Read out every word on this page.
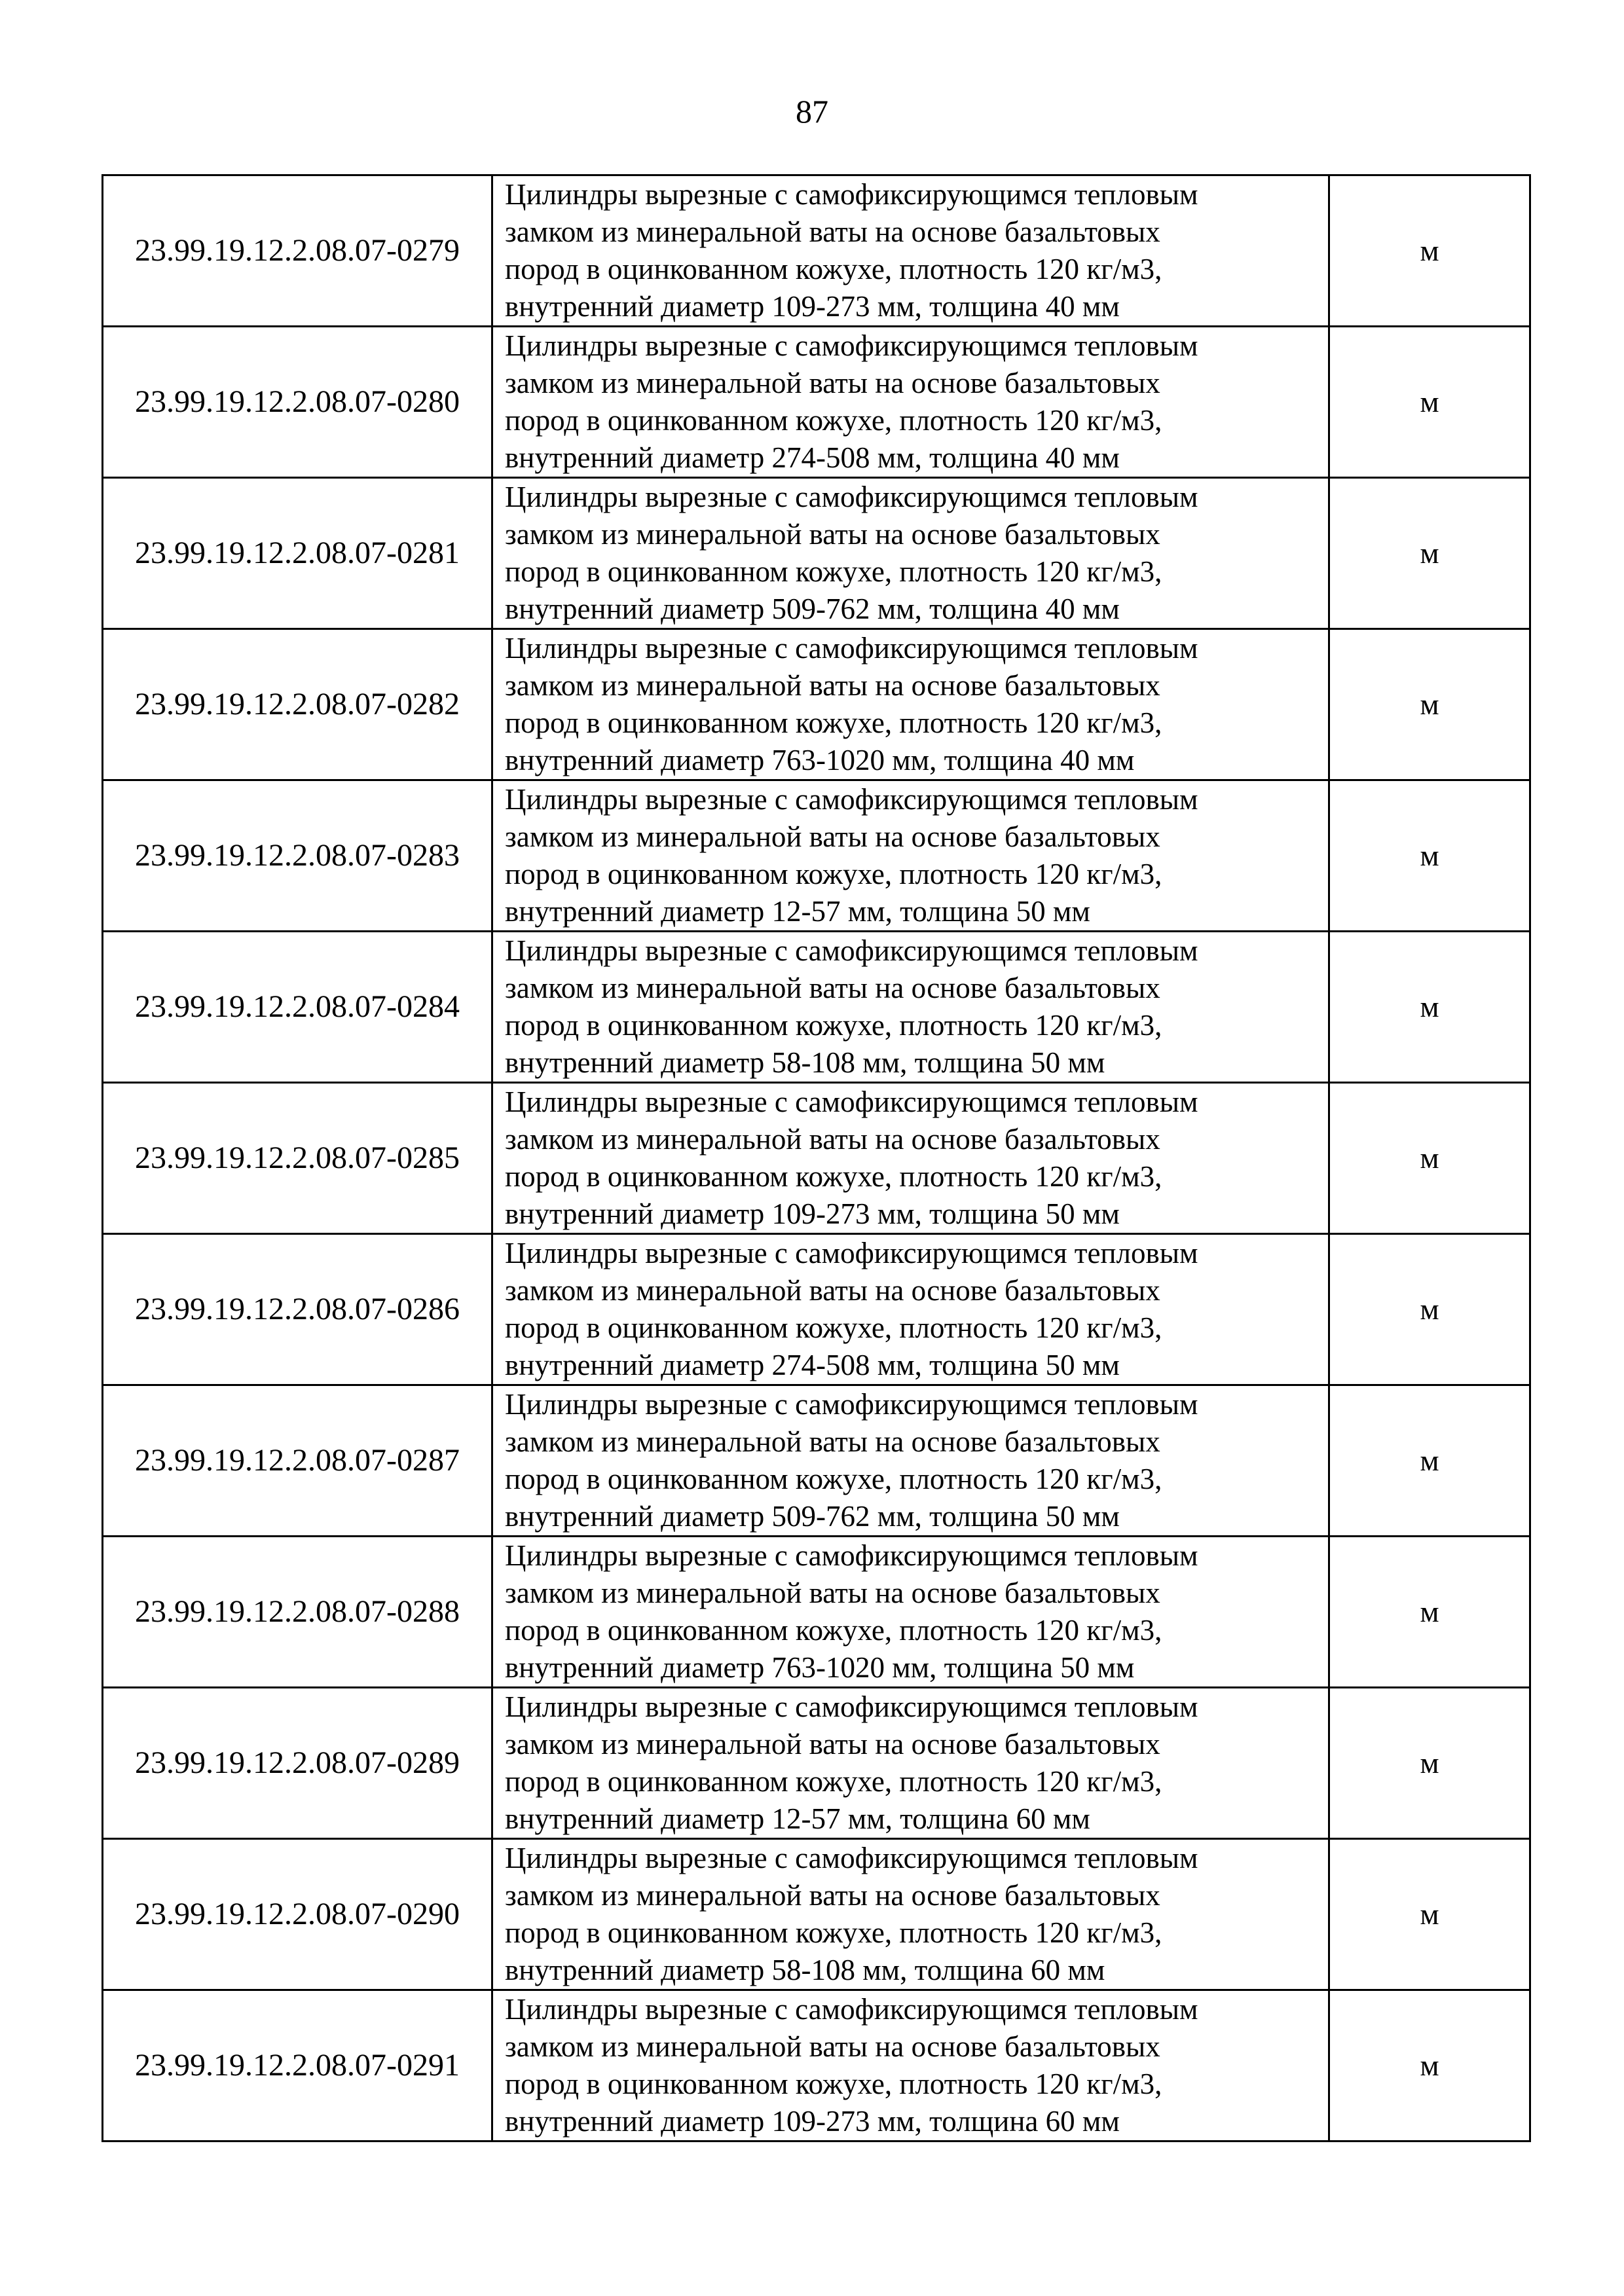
87
23.99.19.12.2.08.07-0279	Цилиндры вырезные с самофиксирующимся тепловым
замком из минеральной ваты на основе базальтовых
пород в оцинкованном кожухе, плотность 120 кг/м3,
внутренний диаметр 109-273 мм, толщина 40 мм	м
23.99.19.12.2.08.07-0280	Цилиндры вырезные с самофиксирующимся тепловым
замком из минеральной ваты на основе базальтовых
пород в оцинкованном кожухе, плотность 120 кг/м3,
внутренний диаметр 274-508 мм, толщина 40 мм	м
23.99.19.12.2.08.07-0281	Цилиндры вырезные с самофиксирующимся тепловым
замком из минеральной ваты на основе базальтовых
пород в оцинкованном кожухе, плотность 120 кг/м3,
внутренний диаметр 509-762 мм, толщина 40 мм	м
23.99.19.12.2.08.07-0282	Цилиндры вырезные с самофиксирующимся тепловым
замком из минеральной ваты на основе базальтовых
пород в оцинкованном кожухе, плотность 120 кг/м3,
внутренний диаметр 763-1020 мм, толщина 40 мм	м
23.99.19.12.2.08.07-0283	Цилиндры вырезные с самофиксирующимся тепловым
замком из минеральной ваты на основе базальтовых
пород в оцинкованном кожухе, плотность 120 кг/м3,
внутренний диаметр 12-57 мм, толщина 50 мм	м
23.99.19.12.2.08.07-0284	Цилиндры вырезные с самофиксирующимся тепловым
замком из минеральной ваты на основе базальтовых
пород в оцинкованном кожухе, плотность 120 кг/м3,
внутренний диаметр 58-108 мм, толщина 50 мм	м
23.99.19.12.2.08.07-0285	Цилиндры вырезные с самофиксирующимся тепловым
замком из минеральной ваты на основе базальтовых
пород в оцинкованном кожухе, плотность 120 кг/м3,
внутренний диаметр 109-273 мм, толщина 50 мм	м
23.99.19.12.2.08.07-0286	Цилиндры вырезные с самофиксирующимся тепловым
замком из минеральной ваты на основе базальтовых
пород в оцинкованном кожухе, плотность 120 кг/м3,
внутренний диаметр 274-508 мм, толщина 50 мм	м
23.99.19.12.2.08.07-0287	Цилиндры вырезные с самофиксирующимся тепловым
замком из минеральной ваты на основе базальтовых
пород в оцинкованном кожухе, плотность 120 кг/м3,
внутренний диаметр 509-762 мм, толщина 50 мм	м
23.99.19.12.2.08.07-0288	Цилиндры вырезные с самофиксирующимся тепловым
замком из минеральной ваты на основе базальтовых
пород в оцинкованном кожухе, плотность 120 кг/м3,
внутренний диаметр 763-1020 мм, толщина 50 мм	м
23.99.19.12.2.08.07-0289	Цилиндры вырезные с самофиксирующимся тепловым
замком из минеральной ваты на основе базальтовых
пород в оцинкованном кожухе, плотность 120 кг/м3,
внутренний диаметр 12-57 мм, толщина 60 мм	м
23.99.19.12.2.08.07-0290	Цилиндры вырезные с самофиксирующимся тепловым
замком из минеральной ваты на основе базальтовых
пород в оцинкованном кожухе, плотность 120 кг/м3,
внутренний диаметр 58-108 мм, толщина 60 мм	м
23.99.19.12.2.08.07-0291	Цилиндры вырезные с самофиксирующимся тепловым
замком из минеральной ваты на основе базальтовых
пород в оцинкованном кожухе, плотность 120 кг/м3,
внутренний диаметр 109-273 мм, толщина 60 мм	м
